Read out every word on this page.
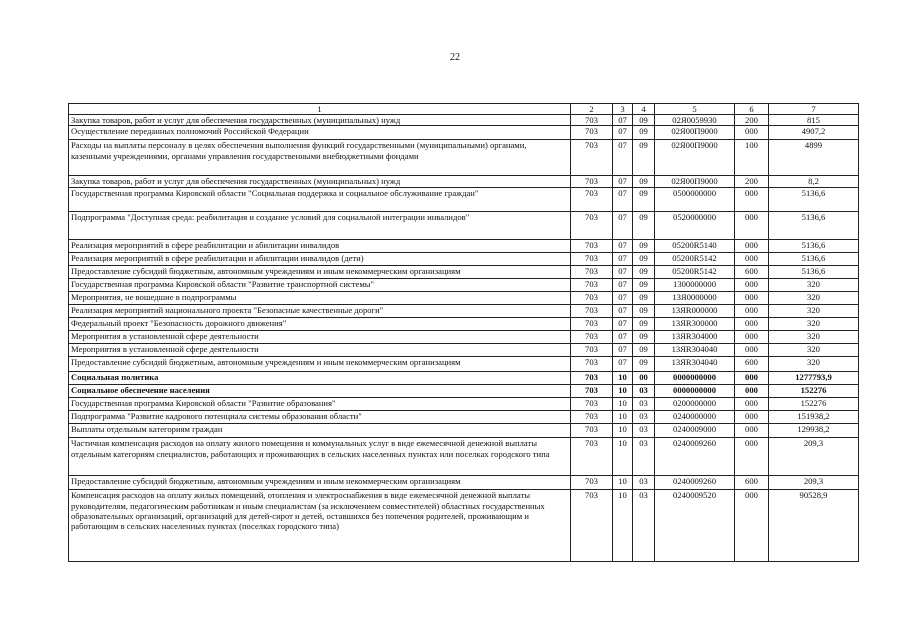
22
1	2	3	4	5	6	7
Закупка товаров, работ и услуг для обеспечения государственных (муниципальных) нужд	703	07	09	02Я0059930	200	815
Осуществление переданных полномочий Российской Федерации	703	07	09	02Я00П9000	000	4907,2
Расходы на выплаты персоналу в целях обеспечения выполнения функций государственными (муниципальными) органами, казенными учреждениями, органами управления государственными внебюджетными фондами	703	07	09	02Я00П9000	100	4899
Закупка товаров, работ и услуг для обеспечения государственных (муниципальных) нужд	703	07	09	02Я00П9000	200	8,2
Государственная программа Кировской области "Социальная поддержка и социальное обслуживание граждан"	703	07	09	0500000000	000	5136,6
Подпрограмма "Доступная среда: реабилитация и создание условий для социальной интеграции инвалидов"	703	07	09	0520000000	000	5136,6
Реализация мероприятий в сфере реабилитации и абилитации инвалидов	703	07	09	05200R5140	000	5136,6
Реализация мероприятий в сфере реабилитации и абилитации инвалидов (дети)	703	07	09	05200R5142	000	5136,6
Предоставление субсидий бюджетным, автономным учреждениям и иным некоммерческим организациям	703	07	09	05200R5142	600	5136,6
Государственная программа Кировской области "Развитие транспортной системы"	703	07	09	1300000000	000	320
Мероприятия, не вошедшие в подпрограммы	703	07	09	13Я0000000	000	320
Реализация мероприятий национального проекта "Безопасные качественные дороги"	703	07	09	13ЯR000000	000	320
Федеральный проект "Безопасность дорожного движения"	703	07	09	13ЯR300000	000	320
Мероприятия в установленной сфере деятельности	703	07	09	13ЯR304000	000	320
Мероприятия в установленной сфере деятельности	703	07	09	13ЯR304040	000	320
Предоставление субсидий бюджетным, автономным учреждениям и иным некоммерческим организациям	703	07	09	13ЯR304040	600	320
Социальная политика	703	10	00	0000000000	000	1277793,9
Социальное обеспечение населения	703	10	03	0000000000	000	152276
Государственная программа Кировской области "Развитие образования"	703	10	03	0200000000	000	152276
Подпрограмма "Развитие кадрового потенциала системы образования области"	703	10	03	0240000000	000	151938,2
Выплаты отдельным категориям граждан	703	10	03	0240009000	000	129938,2
Частичная компенсация расходов на оплату жилого помещения и коммунальных услуг в виде ежемесячной денежной выплаты отдельным категориям специалистов, работающих и проживающих в сельских населенных пунктах или поселках городского типа	703	10	03	0240009260	000	209,3
Предоставление субсидий бюджетным, автономным учреждениям и иным некоммерческим организациям	703	10	03	0240009260	600	209,3
Компенсация расходов на оплату жилых помещений, отопления и электроснабжения в виде ежемесячной денежной выплаты руководителям, педагогическим работникам и иным специалистам (за исключением совместителей) областных государственных образовательных организаций, организаций для детей-сирот и детей, оставшихся без попечения родителей, проживающим и работающим в сельских населенных пунктах (поселках городского типа)	703	10	03	0240009520	000	90528,9
